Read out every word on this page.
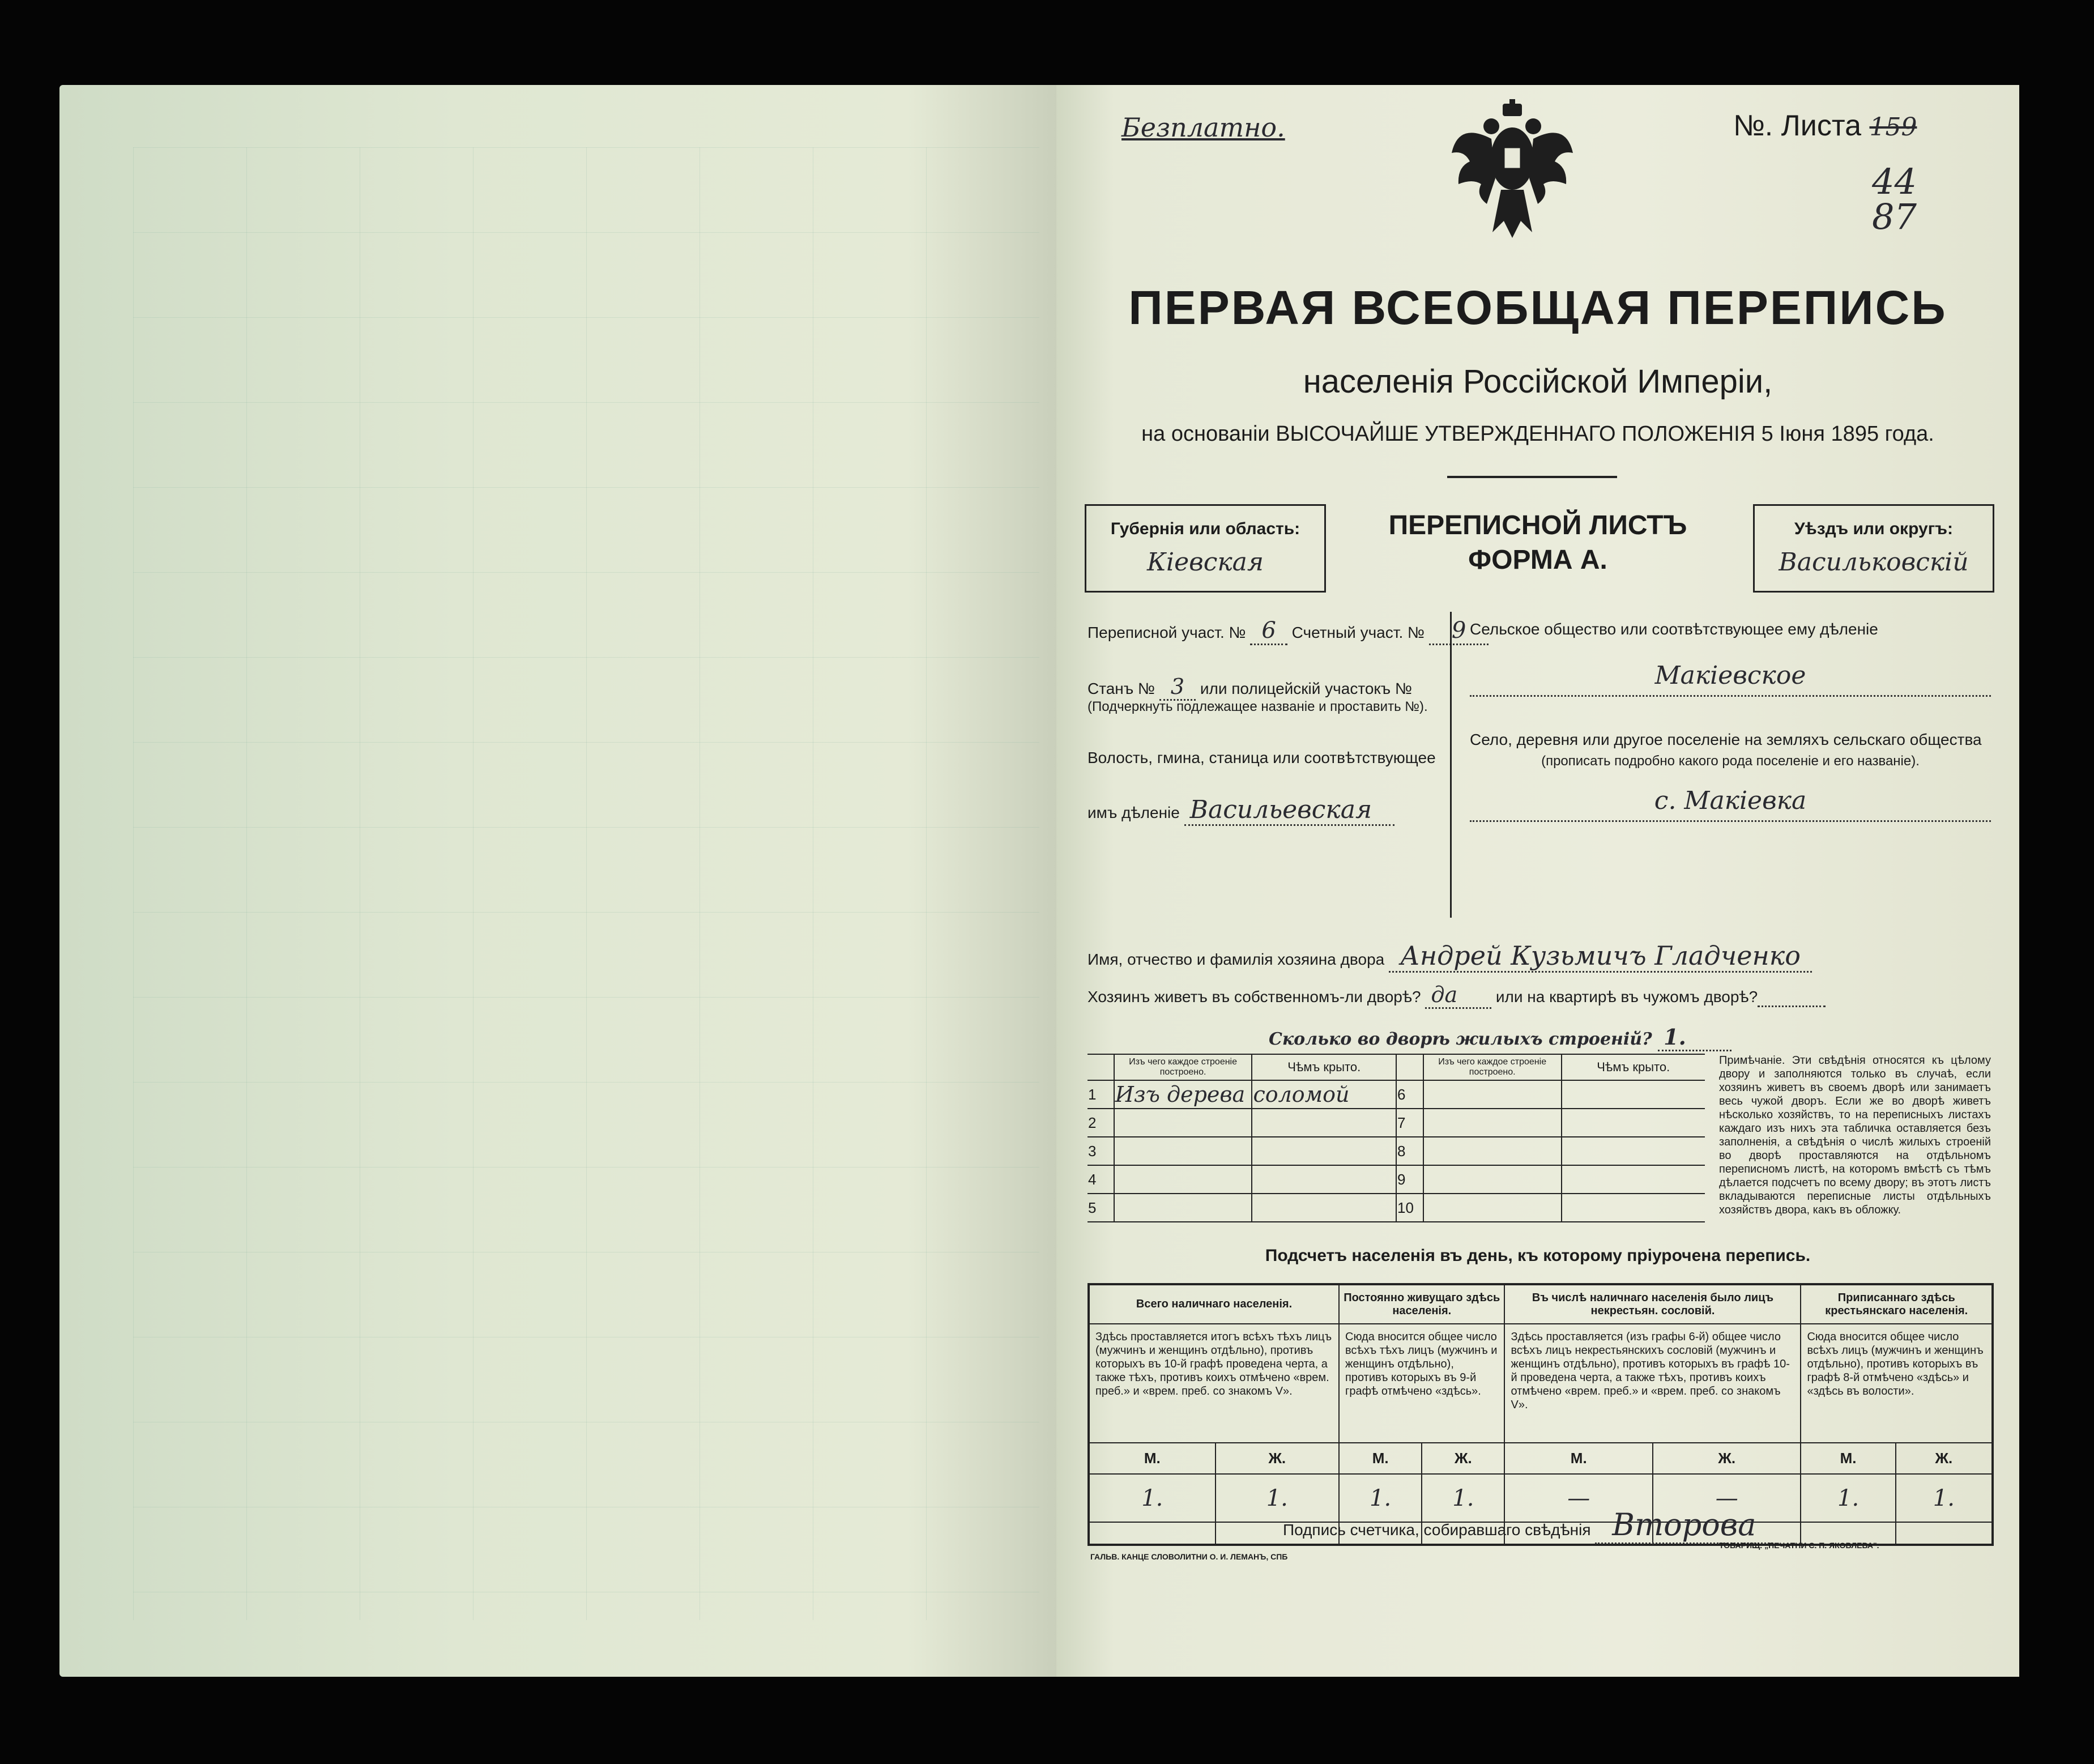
Безплатно.	№. Листа 159
44
87
ПЕРВАЯ ВСЕОБЩАЯ ПЕРЕПИСЬ
населенія Россійской Имперіи,
на основаніи ВЫСОЧАЙШЕ УТВЕРЖДЕННАГО ПОЛОЖЕНІЯ 5 Іюня 1895 года.
Губернія или область:
Кіевская
ПЕРЕПИСНОЙ ЛИСТЪ
ФОРМА А.
Уѣздъ или округъ:
Васильковскій
Переписной участ. № 6 Счетный участ. № 9
Станъ № 3 или полицейскій участокъ №
(Подчеркнуть подлежащее названіе и проставить №).
Волость, гмина, станица или соотвѣтствующее
имъ дѣленіе Васильевская
Сельское общество или соотвѣтствующее ему дѣленіе
Макіевское
Село, деревня или другое поселеніе на земляхъ сельскаго общества
(прописать подробно какого рода поселеніе и его названіе).
с. Макіевка
Имя, отчество и фамилія хозяина двора Андрей Кузьмичъ Гладченко
Хозяинъ живетъ въ собственномъ-ли дворѣ? да или на квартирѣ въ чужомъ дворѣ?
Сколько во дворѣ жилыхъ строеній? 1.
	Изъ чего каждое строеніе построено.	Чѣмъ крыто.		Изъ чего каждое строеніе построено.	Чѣмъ крыто.
1	Изъ дерева	соломой	6		
2			7		
3			8		
4			9		
5			10		
Примѣчаніе. Эти свѣдѣнія относятся къ цѣлому двору и заполняются только въ случаѣ, если хозяинъ живетъ въ своемъ дворѣ или занимаетъ весь чужой дворъ. Если же во дворѣ живетъ нѣсколько хозяйствъ, то на переписныхъ листахъ каждаго изъ нихъ эта табличка оставляется безъ заполненія, а свѣдѣнія о числѣ жилыхъ строеній во дворѣ проставляются на отдѣльномъ переписномъ листѣ, на которомъ вмѣстѣ съ тѣмъ дѣлается подсчетъ по всему двору; въ этотъ листъ вкладываются переписные листы отдѣльныхъ хозяйствъ двора, какъ въ обложку.
Подсчетъ населенія въ день, къ которому пріурочена перепись.
Всего наличнаго населенія.		Постоянно живущаго здѣсь населенія.		Въ числѣ наличнаго населенія было лицъ некрестьян. сословій.		Приписаннаго здѣсь крестьянскаго населенія.	
Здѣсь проставляется итогъ всѣхъ тѣхъ лицъ (мужчинъ и женщинъ отдѣльно), противъ которыхъ въ 10-й графѣ проведена черта, а также тѣхъ, противъ коихъ отмѣчено «врем. преб.» и «врем. преб. со знакомъ V».		Сюда вносится общее число всѣхъ тѣхъ лицъ (мужчинъ и женщинъ отдѣльно), противъ которыхъ въ 9-й графѣ отмѣчено «здѣсь».		Здѣсь проставляется (изъ графы 6-й) общее число всѣхъ лицъ некрестьянскихъ сословій (мужчинъ и женщинъ отдѣльно), противъ которыхъ въ графѣ 10-й проведена черта, а также тѣхъ, противъ коихъ отмѣчено «врем. преб.» и «врем. преб. со знакомъ V».		Сюда вносится общее число всѣхъ лицъ (мужчинъ и женщинъ отдѣльно), противъ которыхъ въ графѣ 8-й отмѣчено «здѣсь» и «здѣсь въ волости».	
М.	Ж.	М.	Ж.	М.	Ж.	М.	Ж.
1.	1.	1.	1.	—	—	1.	1.

Подпись счетчика, собиравшаго свѣдѣнія Второва
ГАЛЬВ. КАНЦЕ СЛОВОЛИТНИ О. И. ЛЕМАНЪ, СПБ
ТОВАРИЩ. „ПЕЧАТНИ С. П. ЯКОВЛЕВА".
